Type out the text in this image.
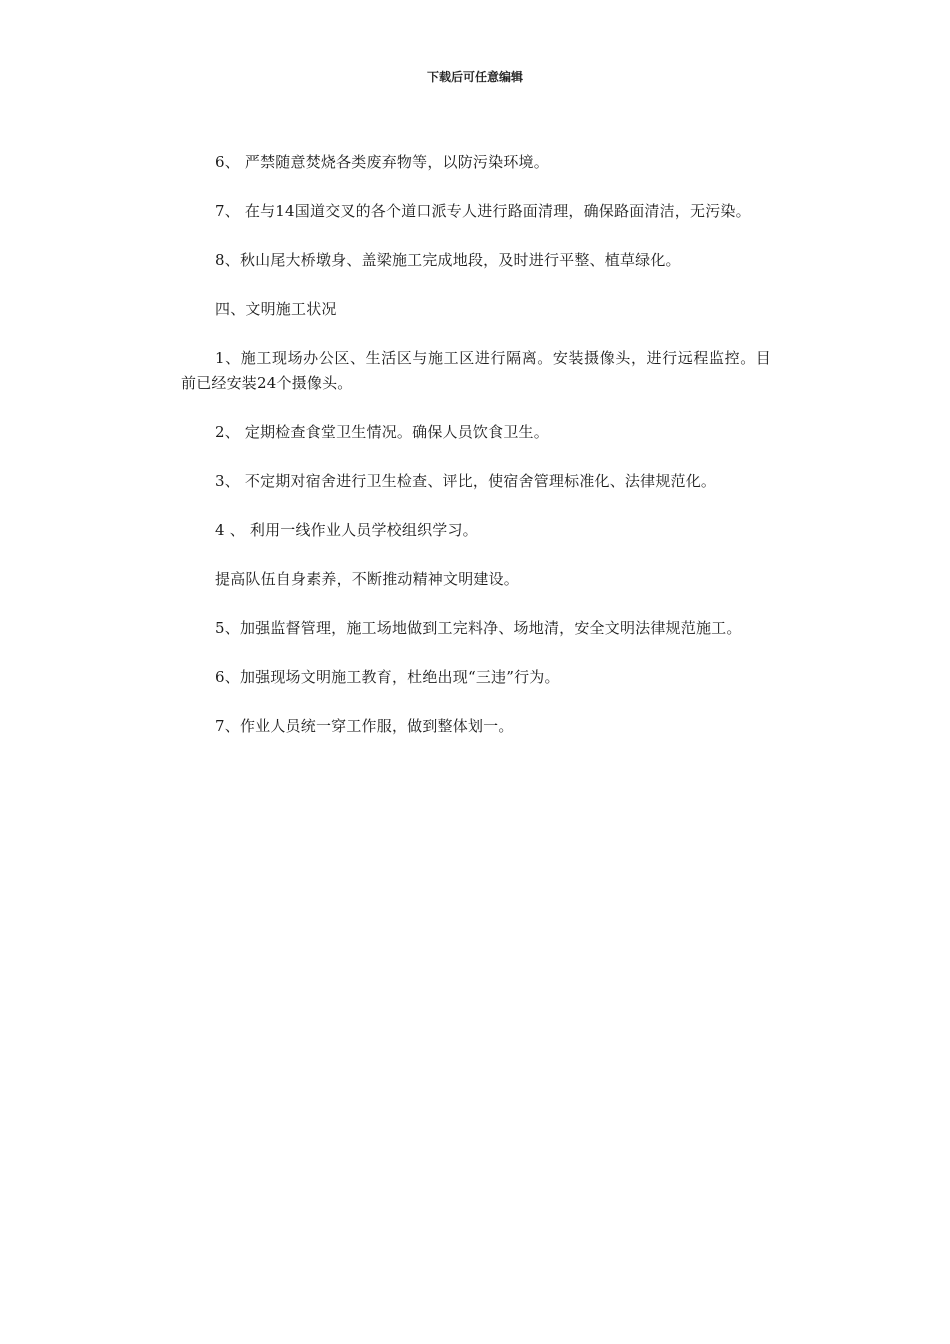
下载后可任意编辑

6、 严禁随意焚烧各类废弃物等，以防污染环境。

7、 在与14国道交叉的各个道口派专人进行路面清理，确保路面清洁，无污染。

8、秋山尾大桥墩身、盖梁施工完成地段，及时进行平整、植草绿化。

四、文明施工状况

1、施工现场办公区、生活区与施工区进行隔离。安装摄像头，进行远程监控。目前已经安装24个摄像头。

2、 定期检查食堂卫生情况。确保人员饮食卫生。

3、 不定期对宿舍进行卫生检查、评比，使宿舍管理标准化、法律规范化。

4 、 利用一线作业人员学校组织学习。

提高队伍自身素养，不断推动精神文明建设。

5、加强监督管理，施工场地做到工完料净、场地清，安全文明法律规范施工。

6、加强现场文明施工教育，杜绝出现“三违”行为。

7、作业人员统一穿工作服，做到整体划一。
